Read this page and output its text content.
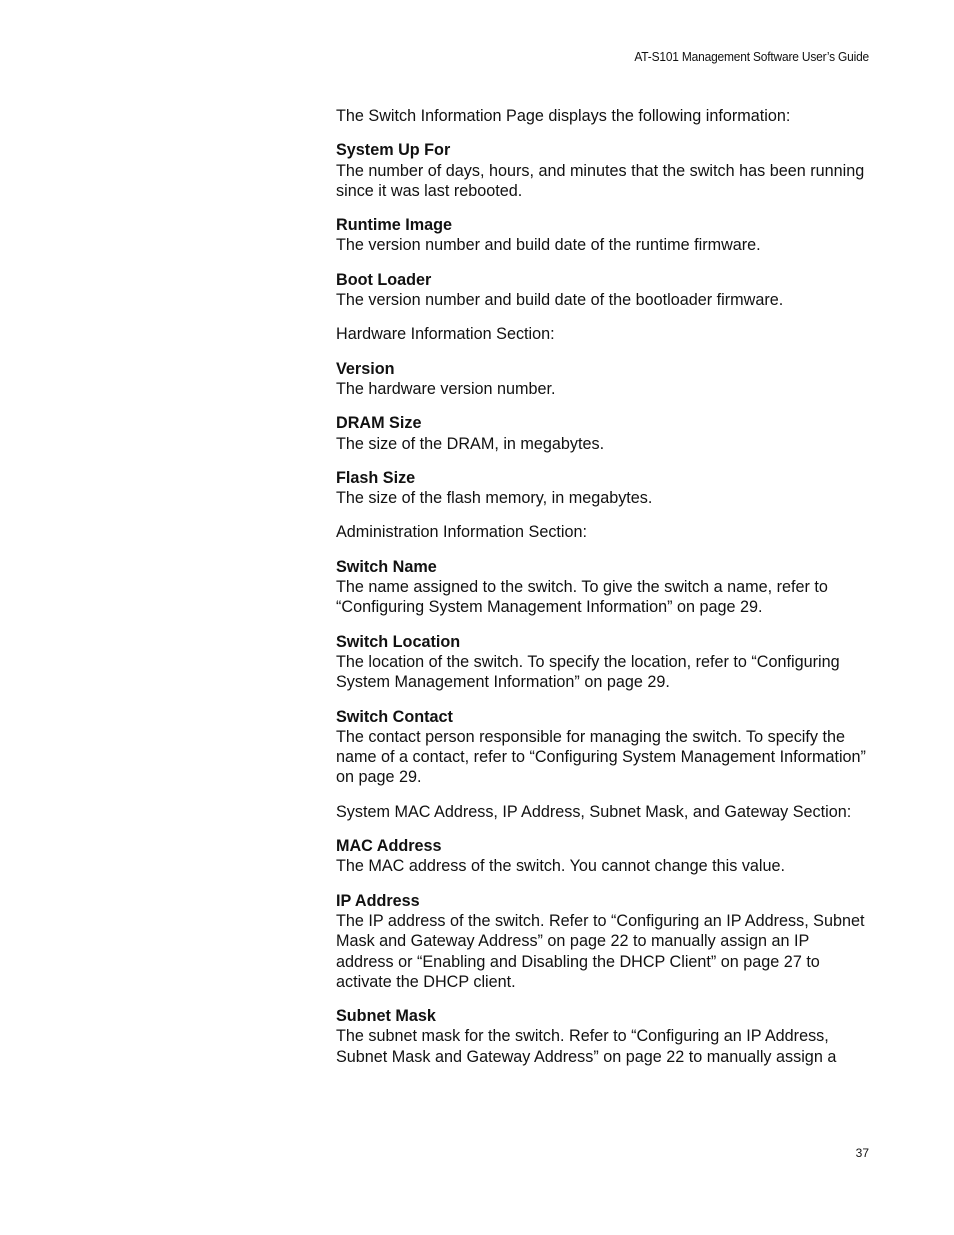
AT-S101 Management Software User’s Guide

The Switch Information Page displays the following information:

System Up For
The number of days, hours, and minutes that the switch has been running since it was last rebooted.
Runtime Image
The version number and build date of the runtime firmware.
Boot Loader
The version number and build date of the bootloader firmware.

Hardware Information Section:

Version
The hardware version number.
DRAM Size
The size of the DRAM, in megabytes.
Flash Size
The size of the flash memory, in megabytes.

Administration Information Section:

Switch Name
The name assigned to the switch. To give the switch a name, refer to “Configuring System Management Information” on page 29.
Switch Location
The location of the switch. To specify the location, refer to “Configuring System Management Information” on page 29.
Switch Contact
The contact person responsible for managing the switch. To specify the name of a contact, refer to “Configuring System Management Information” on page 29.

System MAC Address, IP Address, Subnet Mask, and Gateway Section:

MAC Address
The MAC address of the switch. You cannot change this value.
IP Address
The IP address of the switch. Refer to “Configuring an IP Address, Subnet Mask and Gateway Address” on page 22 to manually assign an IP address or “Enabling and Disabling the DHCP Client” on page 27 to activate the DHCP client.
Subnet Mask
The subnet mask for the switch. Refer to “Configuring an IP Address, Subnet Mask and Gateway Address” on page 22 to manually assign a
37
